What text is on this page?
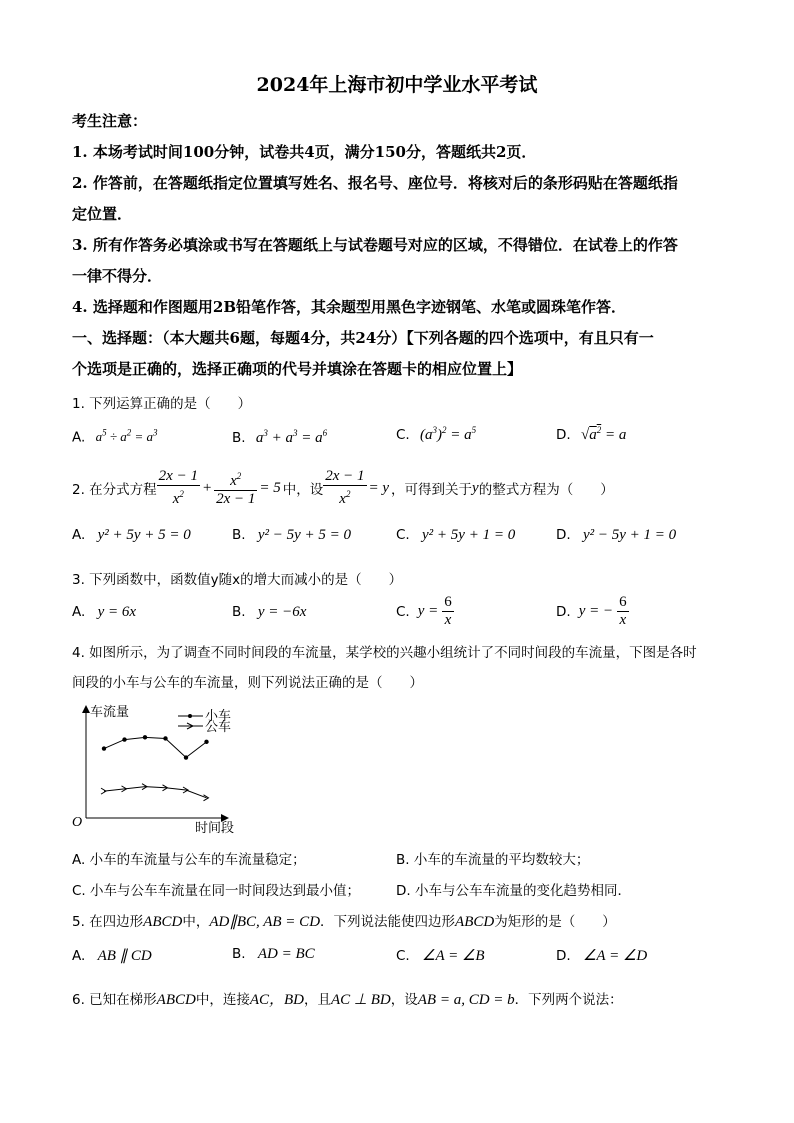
2024年上海市初中学业水平考试
考生注意：
1. 本场考试时间100分钟，试卷共4页，满分150分，答题纸共2页．
2. 作答前，在答题纸指定位置填写姓名、报名号、座位号．将核对后的条形码贴在答题纸指
定位置．
3. 所有作答务必填涂或书写在答题纸上与试卷题号对应的区域，不得错位．在试卷上的作答
一律不得分．
4. 选择题和作图题用2B铅笔作答，其余题型用黑色字迹钢笔、水笔或圆珠笔作答．
一、选择题：（本大题共6题，每题4分，共24分）【下列各题的四个选项中，有且只有一
个选项是正确的，选择正确项的代号并填涂在答题卡的相应位置上】
1. 下列运算正确的是（　　）
A. $a^5 \div a^2 = a^3$	B. $a^3 + a^3 = a^6$	C. $(a^3)^2 = a^5$	D. $√a^2 = a$
2. 在分式方程 $\frac{2x - 1}{x^2} + \frac{x^2}{2x - 1} = 5$ 中，设 $\frac{2x - 1}{x^2} = y$ ，可得到关于 y 的整式方程为（　　）
A. y² + 5y + 5 = 0	B. y² − 5y + 5 = 0	C. y² + 5y + 1 = 0	D. y² − 5y + 1 = 0
3. 下列函数中，函数值y随x的增大而减小的是（　　）
A. y = 6x	B. y = −6x	C. $y = \frac{6}{x}$	D. y = − $\frac{6}{x}$
4. 如图所示，为了调查不同时间段的车流量，某学校的兴趣小组统计了不同时间段的车流量，下图是各时
间段的小车与公车的车流量，则下列说法正确的是（　　）
车流量
时间段
O
小车
公车
A. 小车的车流量与公车的车流量稳定；	B. 小车的车流量的平均数较大；
C. 小车与公车车流量在同一时间段达到最小值；	D. 小车与公车车流量的变化趋势相同．
5. 在四边形ABCD中，AD∥BC, AB = CD．下列说法能使四边形ABCD为矩形的是（　　）
A. AB ∥ CD	B. AD = BC	C. ∠A = ∠B	D. ∠A = ∠D
6. 已知在梯形ABCD中，连接AC，BD，且AC ⊥ BD，设AB = a, CD = b．下列两个说法：
